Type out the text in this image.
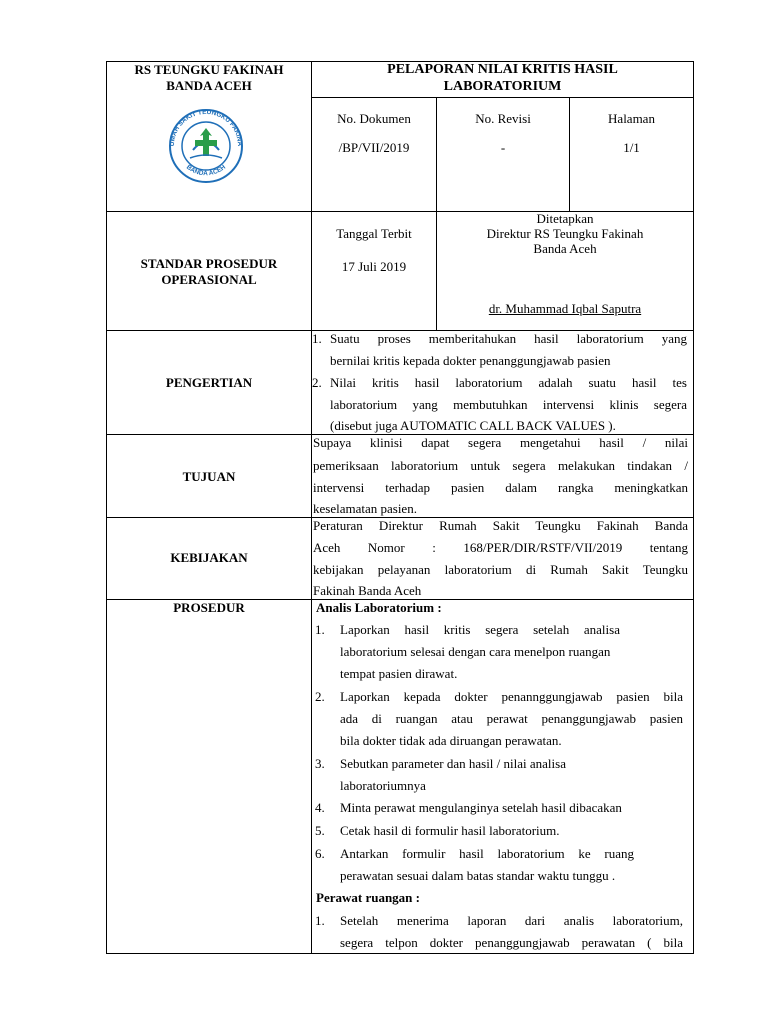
RS TEUNGKU FAKINAH
BANDA ACEH
UMAH SAKIT TEUNGKU FAKINA
BANDA ACEH
PELAPORAN NILAI KRITIS HASIL
LABORATORIUM
No. Dokumen
/BP/VII/2019
No. Revisi
-
Halaman
1/1
STANDAR PROSEDUR
OPERASIONAL
Tanggal Terbit
17 Juli 2019
Ditetapkan
Direktur RS Teungku Fakinah
Banda Aceh
dr. Muhammad Iqbal Saputra
PENGERTIAN
1. Suatu proses memberitahukan hasil laboratorium yang
bernilai kritis kepada dokter penanggungjawab pasien
2. Nilai kritis hasil laboratorium adalah suatu hasil tes
laboratorium yang membutuhkan intervensi klinis segera
(disebut juga AUTOMATIC CALL BACK VALUES ).
TUJUAN
Supaya klinisi dapat segera mengetahui hasil / nilai
pemeriksaan laboratorium untuk segera melakukan tindakan /
intervensi terhadap pasien dalam rangka meningkatkan
keselamatan pasien.
KEBIJAKAN
Peraturan Direktur Rumah Sakit Teungku Fakinah Banda
Aceh Nomor : 168/PER/DIR/RSTF/VII/2019 tentang
kebijakan pelayanan laboratorium di Rumah Sakit Teungku
Fakinah Banda Aceh
PROSEDUR	Analis Laboratorium :
1. Laporkan hasil kritis segera setelah analisa
laboratorium selesai dengan cara menelpon ruangan
tempat pasien dirawat.
2. Laporkan kepada dokter penannggungjawab pasien bila
ada di ruangan atau perawat penanggungjawab pasien
bila dokter tidak ada diruangan perawatan.
3. Sebutkan parameter dan hasil / nilai analisa
laboratoriumnya
4. Minta perawat mengulanginya setelah hasil dibacakan
5. Cetak hasil di formulir hasil laboratorium.
6. Antarkan formulir hasil laboratorium ke ruang
perawatan sesuai dalam batas standar waktu tunggu .
Perawat ruangan :
1. Setelah menerima laporan dari analis laboratorium,
segera telpon dokter penanggungjawab perawatan ( bila
